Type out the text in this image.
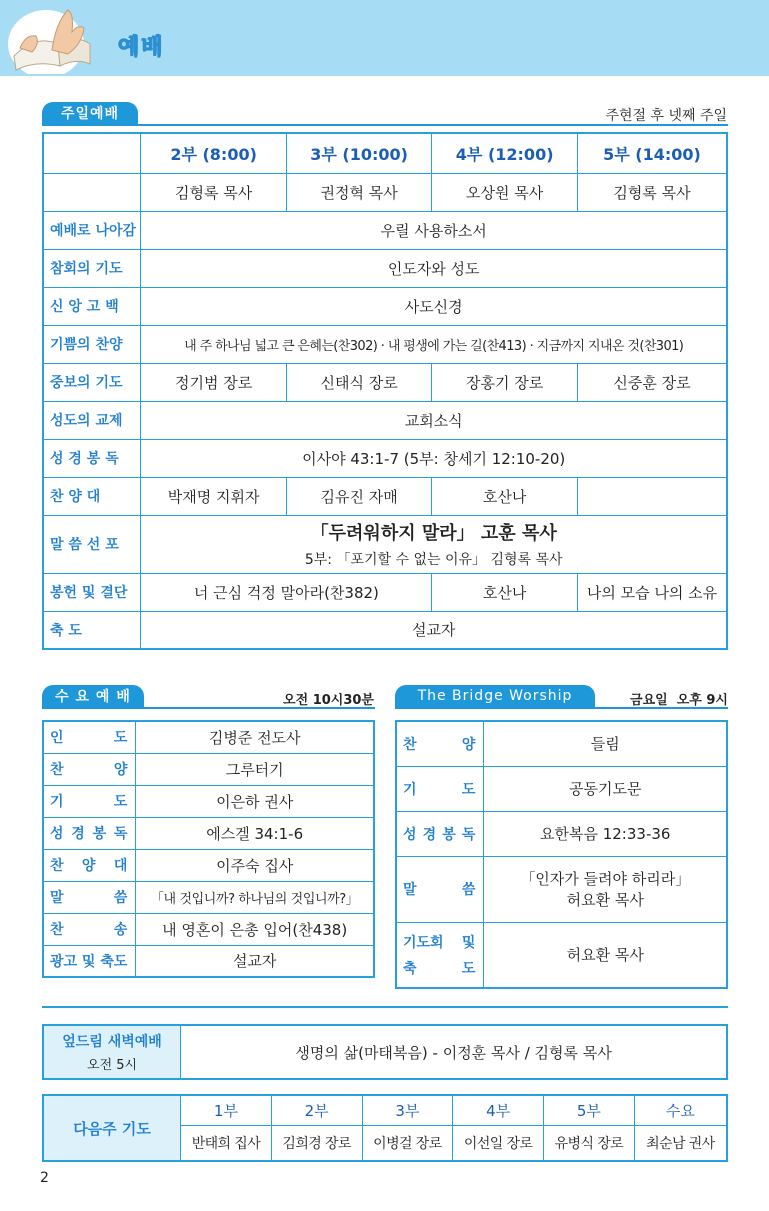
예배
주일예배	주현절 후 넷째 주일
	2부 (8:00)	3부 (10:00)	4부 (12:00)	5부 (14:00)
	김형록 목사	권정혁 목사	오상원 목사	김형록 목사
예배로 나아감	우릴 사용하소서			
참회의 기도	인도자와 성도			
신 앙 고 백	사도신경			
기쁨의 찬양	내 주 하나님 넓고 큰 은혜는(찬302) · 내 평생에 가는 길(찬413) · 지금까지 지내온 것(찬301)			
중보의 기도	정기범 장로	신태식 장로	장홍기 장로	신중훈 장로
성도의 교제	교회소식			
성 경 봉 독	이사야 43:1-7 (5부: 창세기 12:10-20)			
찬 양 대	박재명 지휘자	김유진 자매	호산나	
말 씀 선 포	「두려워하지 말라」 고훈 목사
5부: 「포기할 수 없는 이유」 김형록 목사			

봉헌 및 결단	너 근심 걱정 말아라(찬382)		호산나	나의 모습 나의 소유
축 도	설교자			
수 요 예 배	오전 10시30분
인 도	김병준 전도사
찬 양	그루터기
기 도	이은하 권사
성 경 봉 독	에스겔 34:1-6
찬 양 대	이주숙 집사
말 씀	「내 것입니까? 하나님의 것입니까?」
찬 송	내 영혼이 은총 입어(찬438)
광고 및 축도	설교자
The Bridge Worship	금요일  오후 9시
찬 양	들림
기 도	공동기도문
성 경 봉 독	요한복음 12:33-36
말 씀	「인자가 들려야 하리라」
허요환 목사

기도회 및
축 도	허요환 목사
엎드림 새벽예배
오전 5시
	생명의 삶(마태복음) - 이정훈 목사 / 김형록 목사
다음주 기도	1부	2부	3부	4부	5부	수요
	반태희 집사	김희경 장로	이병걸 장로	이선일 장로	유병식 장로	최순남 권사
2
